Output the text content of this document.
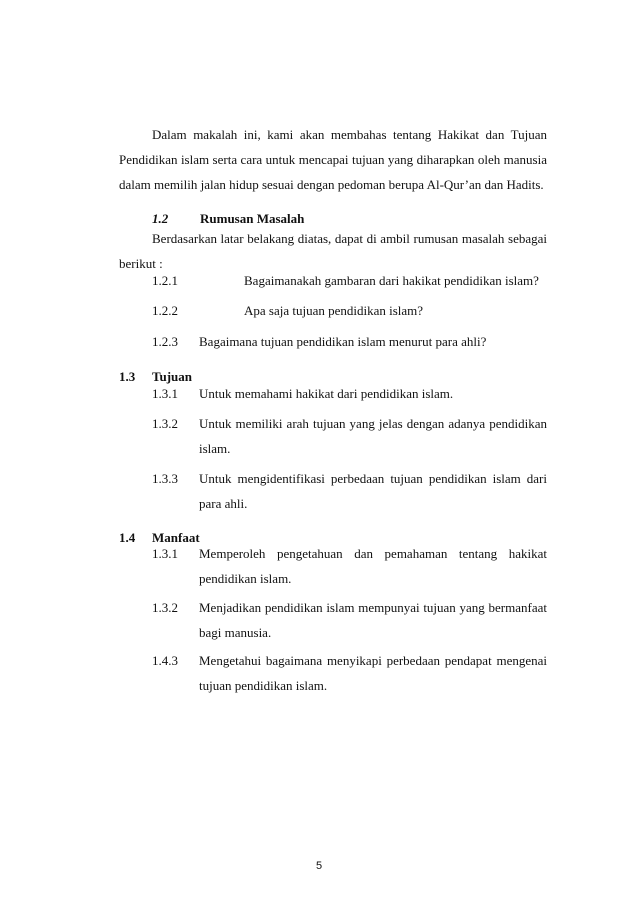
Dalam makalah ini, kami akan membahas tentang Hakikat dan Tujuan
Pendidikan islam serta cara untuk mencapai tujuan yang diharapkan oleh manusia
dalam memilih jalan hidup sesuai dengan pedoman berupa Al-Qur’an dan Hadits.
1.2 Rumusan Masalah
Berdasarkan latar belakang diatas, dapat di ambil rumusan masalah sebagai
berikut :
1.2.1	Bagaimanakah gambaran dari hakikat pendidikan islam?
1.2.2	Apa saja tujuan pendidikan islam?
1.2.3 Bagaimana tujuan pendidikan islam menurut para ahli?
1.3 Tujuan
1.3.1 Untuk memahami hakikat dari pendidikan islam.
1.3.2 Untuk memiliki arah tujuan yang jelas dengan adanya pendidikan
islam.
1.3.3 Untuk mengidentifikasi perbedaan tujuan pendidikan islam dari
para ahli.
1.4 Manfaat
1.3.1 Memperoleh pengetahuan dan pemahaman tentang hakikat
pendidikan islam.
1.3.2 Menjadikan pendidikan islam mempunyai tujuan yang bermanfaat
bagi manusia.
1.4.3 Mengetahui bagaimana menyikapi perbedaan pendapat mengenai
tujuan pendidikan islam.
5
